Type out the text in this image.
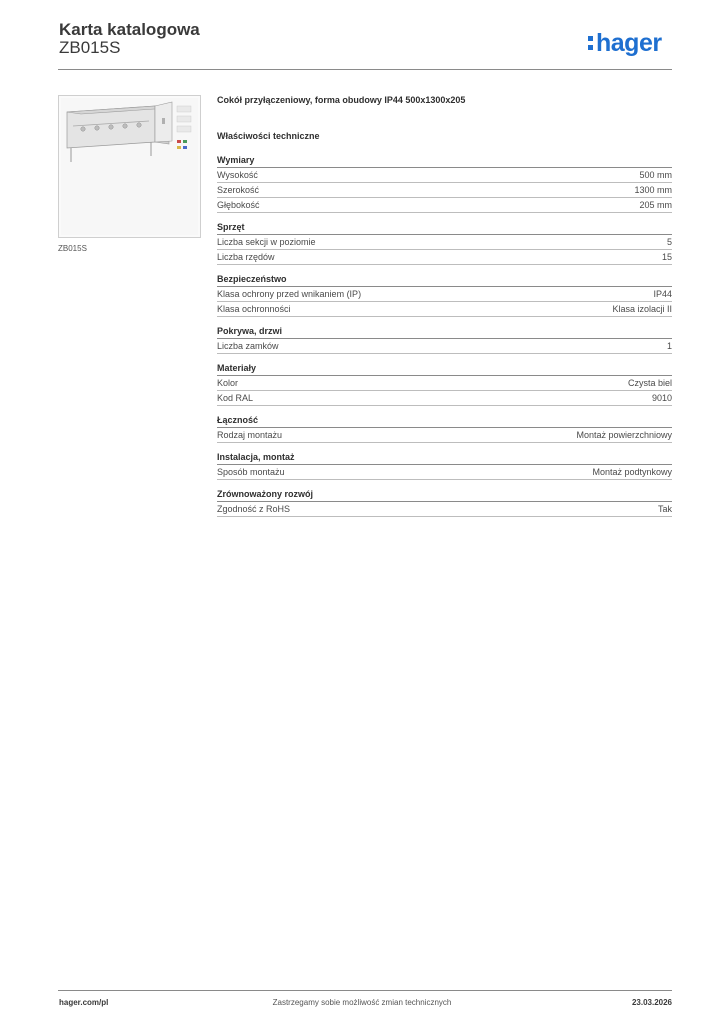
Karta katalogowa
ZB015S	hager
ZB015S

Cokół przyłączeniowy, forma obudowy IP44 500x1300x205

Właściwości techniczne

Wymiary

Wysokość	500 mm
Szerokość	1300 mm
Głębokość	205 mm

Sprzęt

Liczba sekcji w poziomie	5
Liczba rzędów	15

Bezpieczeństwo

Klasa ochrony przed wnikaniem (IP)	IP44
Klasa ochronności	Klasa izolacji II

Pokrywa, drzwi

Liczba zamków	1

Materiały

Kolor	Czysta biel
Kod RAL	9010

Łączność

Rodzaj montażu	Montaż powierzchniowy

Instalacja, montaż

Sposób montażu	Montaż podtynkowy

Zrównoważony rozwój

Zgodność z RoHS	Tak
hager.com/pl	Zastrzegamy sobie możliwość zmian technicznych	23.03.2026
